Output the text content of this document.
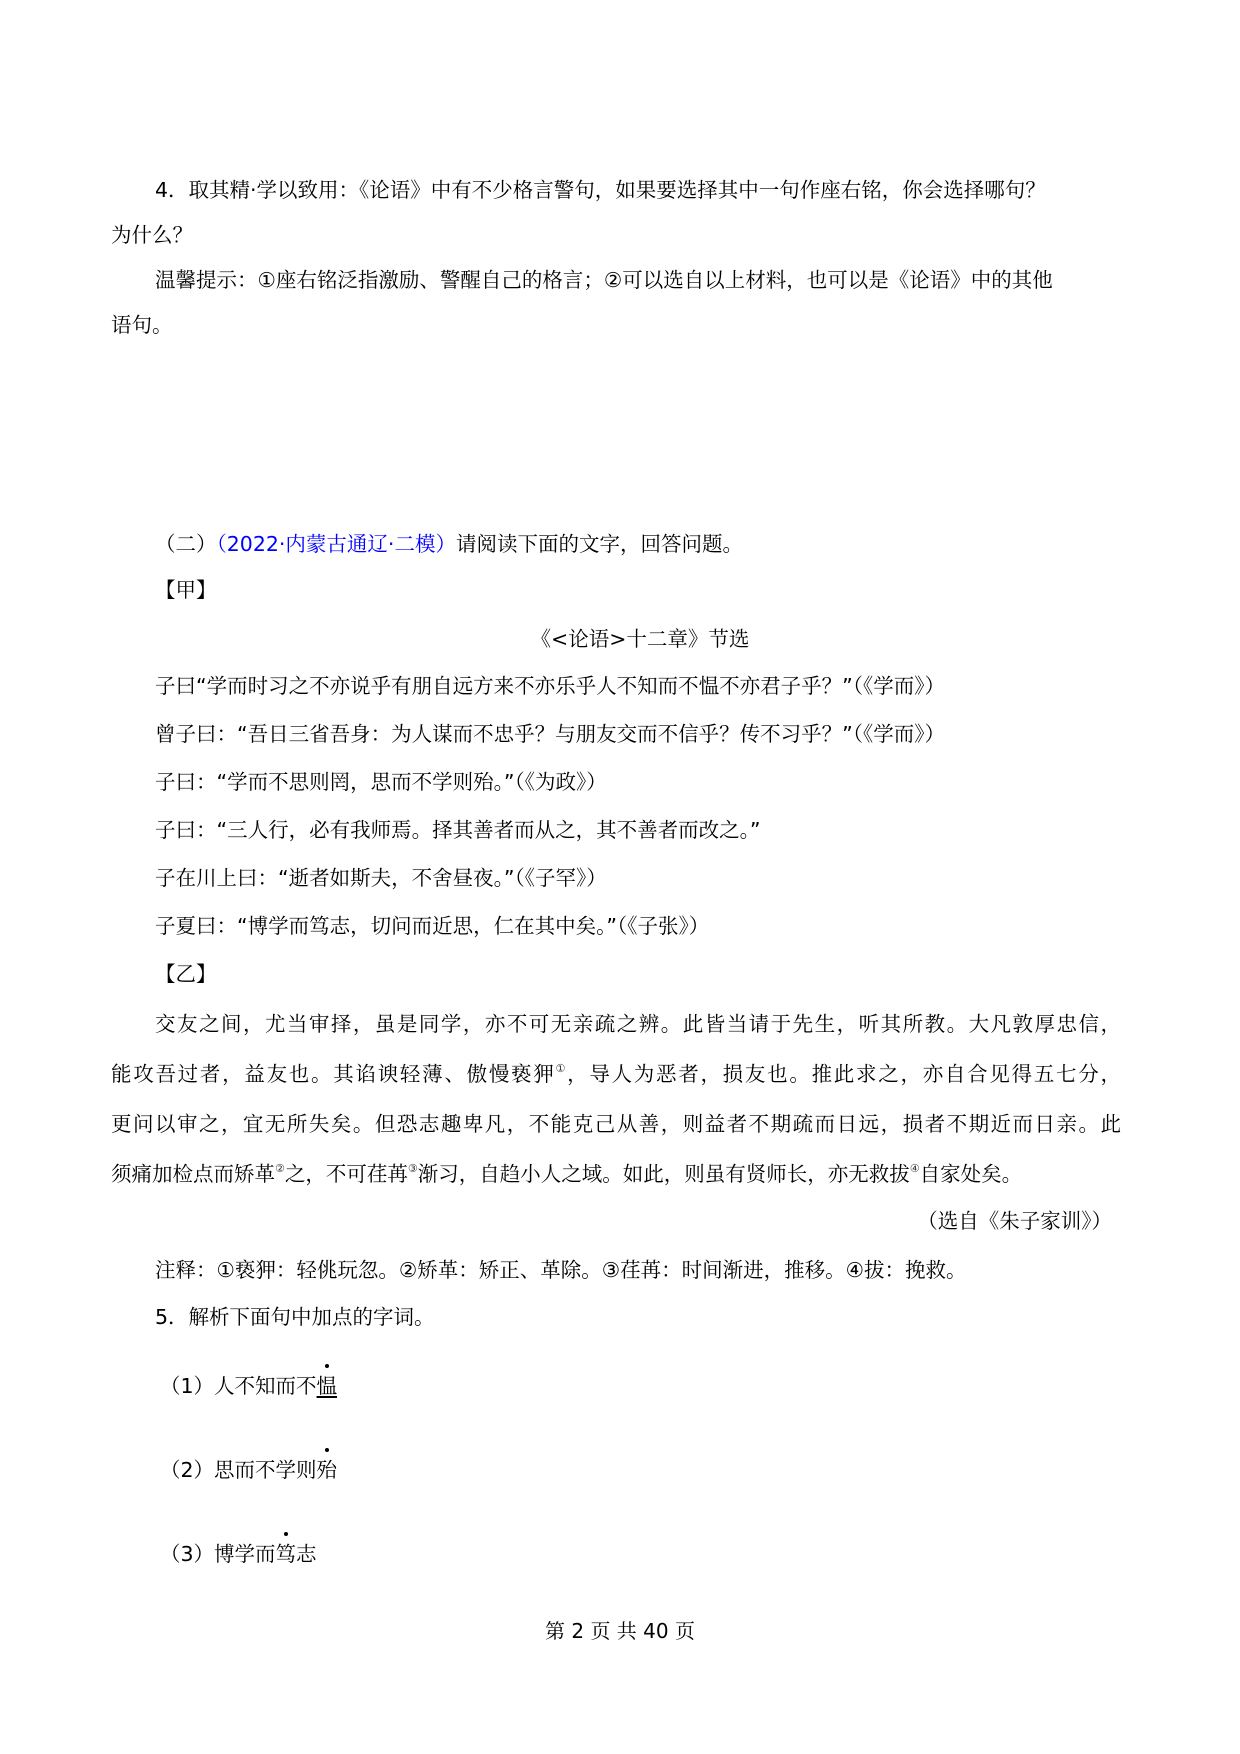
4．取其精·学以致用：《论语》中有不少格言警句，如果要选择其中一句作座右铭，你会选择哪句？
为什么？
温馨提示：①座右铭泛指激励、警醒自己的格言；②可以选自以上材料，也可以是《论语》中的其他
语句。
（二）（2022·内蒙古通辽·二模）请阅读下面的文字，回答问题。
【甲】
《<论语>十二章》节选
子曰“学而时习之不亦说乎有朋自远方来不亦乐乎人不知而不愠不亦君子乎？”（《学而》）
曾子曰：“吾日三省吾身：为人谋而不忠乎？与朋友交而不信乎？传不习乎？”（《学而》）
子曰：“学而不思则罔，思而不学则殆。”（《为政》）
子曰：“三人行，必有我师焉。择其善者而从之，其不善者而改之。”
子在川上曰：“逝者如斯夫，不舍昼夜。”（《子罕》）
子夏曰：“博学而笃志，切问而近思，仁在其中矣。”（《子张》）
【乙】
交友之间，尤当审择，虽是同学，亦不可无亲疏之辨。此皆当请于先生，听其所教。大凡敦厚忠信，
能攻吾过者，益友也。其谄谀轻薄、傲慢亵狎①，导人为恶者，损友也。推此求之，亦自合见得五七分，
更问以审之，宜无所失矣。但恐志趣卑凡，不能克己从善，则益者不期疏而日远，损者不期近而日亲。此
须痛加检点而矫革②之，不可荏苒③渐习，自趋小人之域。如此，则虽有贤师长，亦无救拔④自家处矣。
（选自《朱子家训》）
注释：①亵狎：轻佻玩忽。②矫革：矫正、革除。③荏苒：时间渐进，推移。④拔：挽救。
5．解析下面句中加点的字词。
（1）人不知而不愠
（2）思而不学则殆
（3）博学而笃志
第 2 页 共 40 页
